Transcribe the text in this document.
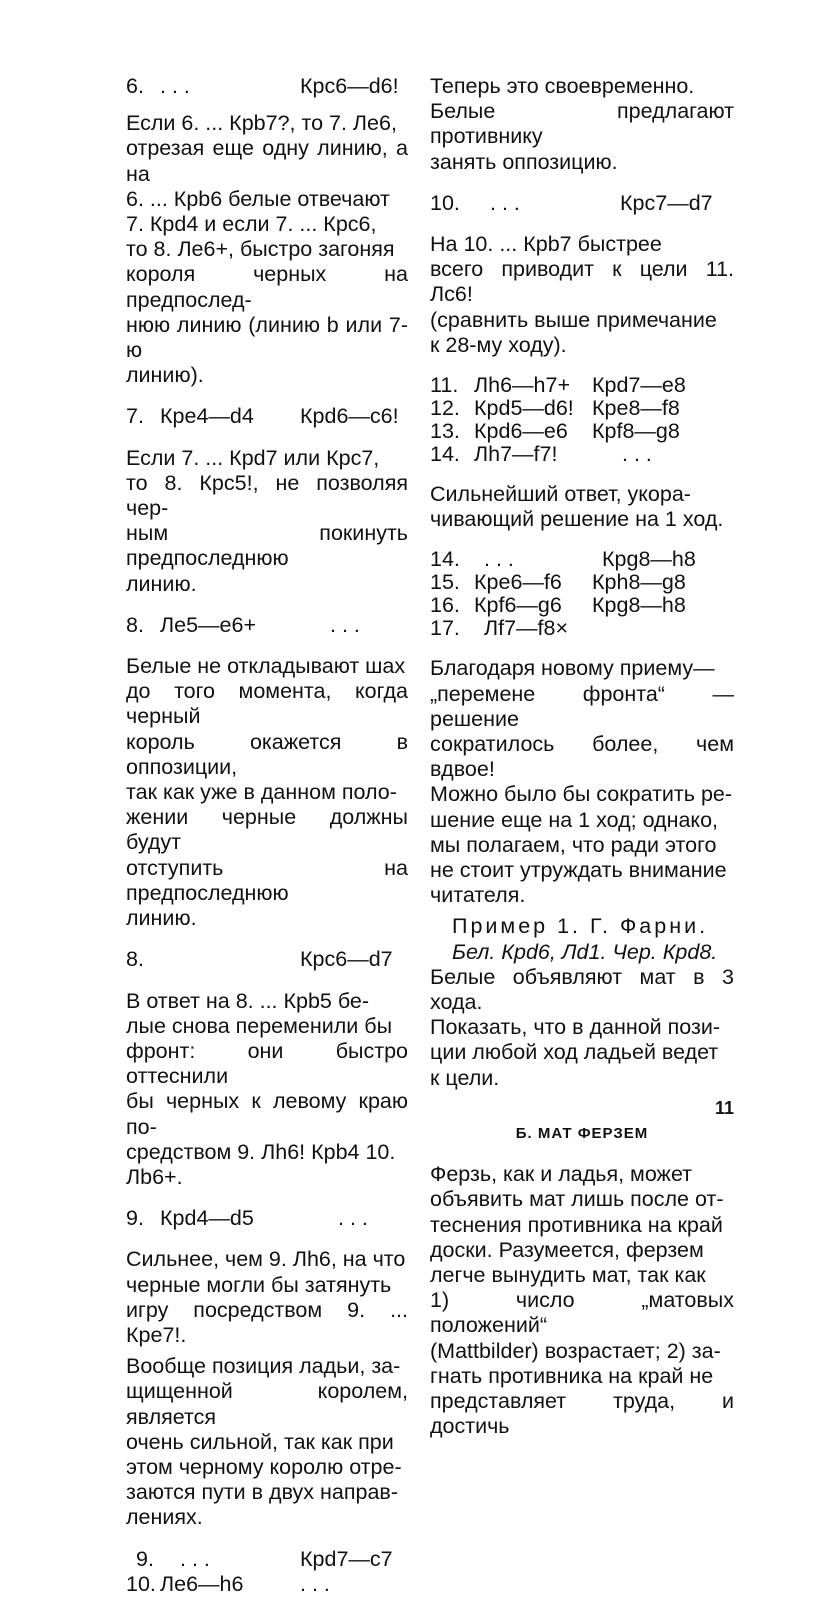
6. . . .	Крс6—d6!

Если 6. ... Крb7?, то 7. Лe6,

отрезая еще одну линию, а на

6. ... Крb6 белые отвечают

7. Крd4 и если 7. ... Крс6,

то 8. Лe6+, быстро загоняя

короля черных на предпослед-

нюю линию (линию b или 7-ю

линию).

7. Кре4—d4	Крd6—c6!

Если 7. ... Крd7 или Крс7,

то 8. Крс5!, не позволяя чер-

ным покинуть предпоследнюю

линию.

8. Лe5—e6+	. . .

Белые не откладывают шах

до того момента, когда черный

король окажется в оппозиции,

так как уже в данном поло-

жении черные должны будут

отступить на предпоследнюю

линию.

8.	Крс6—d7

В ответ на 8. ... Крb5 бе-

лые снова переменили бы

фронт: они быстро оттеснили

бы черных к левому краю по-

средством 9. Лh6! Крb4 10.

Лb6+.

9. Крd4—d5	. . .

Сильнее, чем 9. Лh6, на что

черные могли бы затянуть

игру посредством 9. ... Кре7!.

Вообще позиция ладьи, за-

щищенной королем, является

очень сильной, так как при

этом черному королю отре-

заются пути в двух направ-

лениях.

9.	. . .	Крd7—c7
10. Лe6—h6	. . .

Теперь это своевременно.

Белые предлагают противнику

занять оппозицию.

10.	. . .	Крс7—d7

На 10. ... Крb7 быстрее

всего приводит к цели 11. Лс6!

(сравнить выше примечание

к 28-му ходу).

11. Лh6—h7+	Крd7—e8
12. Крd5—d6! Кре8—f8
13. Крd6—e6	Крf8—g8
14. Лh7—f7!	. . .

Сильнейший ответ, укора-

чивающий решение на 1 ход.

14.	. . .	Крg8—h8
15. Кре6—f6	Крh8—g8
16. Крf6—g6	Крg8—h8
17.	Лf7—f8×

Благодаря новому приему—

„перемене фронта“ —решение

сократилось более, чем вдвое!

Можно было бы сократить ре-

шение еще на 1 ход; однако,

мы полагаем, что ради этого

не стоит утруждать внимание

читателя.

Пример 1. Г. Фарни.

Бел. Крd6, Лd1. Чер. Крd8.

Белые объявляют мат в 3 хода.

Показать, что в данной пози-

ции любой ход ладьей ведет

к цели.

Б. МАТ ФЕРЗЕМ

Ферзь, как и ладья, может

объявить мат лишь после от-

теснения противника на край

доски. Разумеется, ферзем

легче вынудить мат, так как

1) число „матовых положений“

(Mattbilder) возрастает; 2) за-

гнать противника на край не

представляет труда, и достичь

11
